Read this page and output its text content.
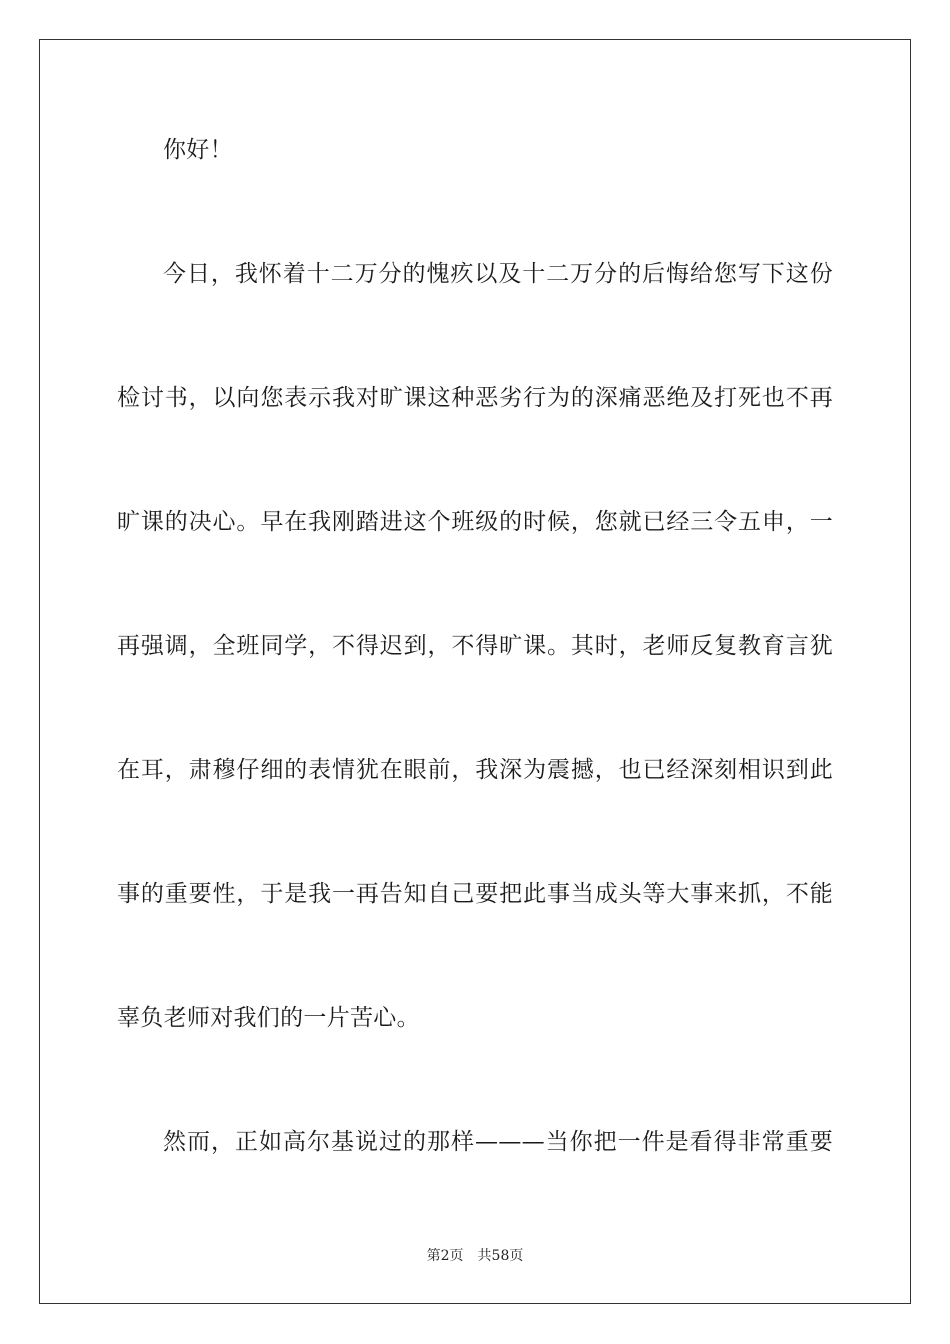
你好！
今日，我怀着十二万分的愧疚以及十二万分的后悔给您写下这份
检讨书，以向您表示我对旷课这种恶劣行为的深痛恶绝及打死也不再
旷课的决心。早在我刚踏进这个班级的时候，您就已经三令五申，一
再强调，全班同学，不得迟到，不得旷课。其时，老师反复教育言犹
在耳，肃穆仔细的表情犹在眼前，我深为震撼，也已经深刻相识到此
事的重要性，于是我一再告知自己要把此事当成头等大事来抓，不能
辜负老师对我们的一片苦心。
然而，正如高尔基说过的那样———当你把一件是看得非常重要
第2页 共58页
